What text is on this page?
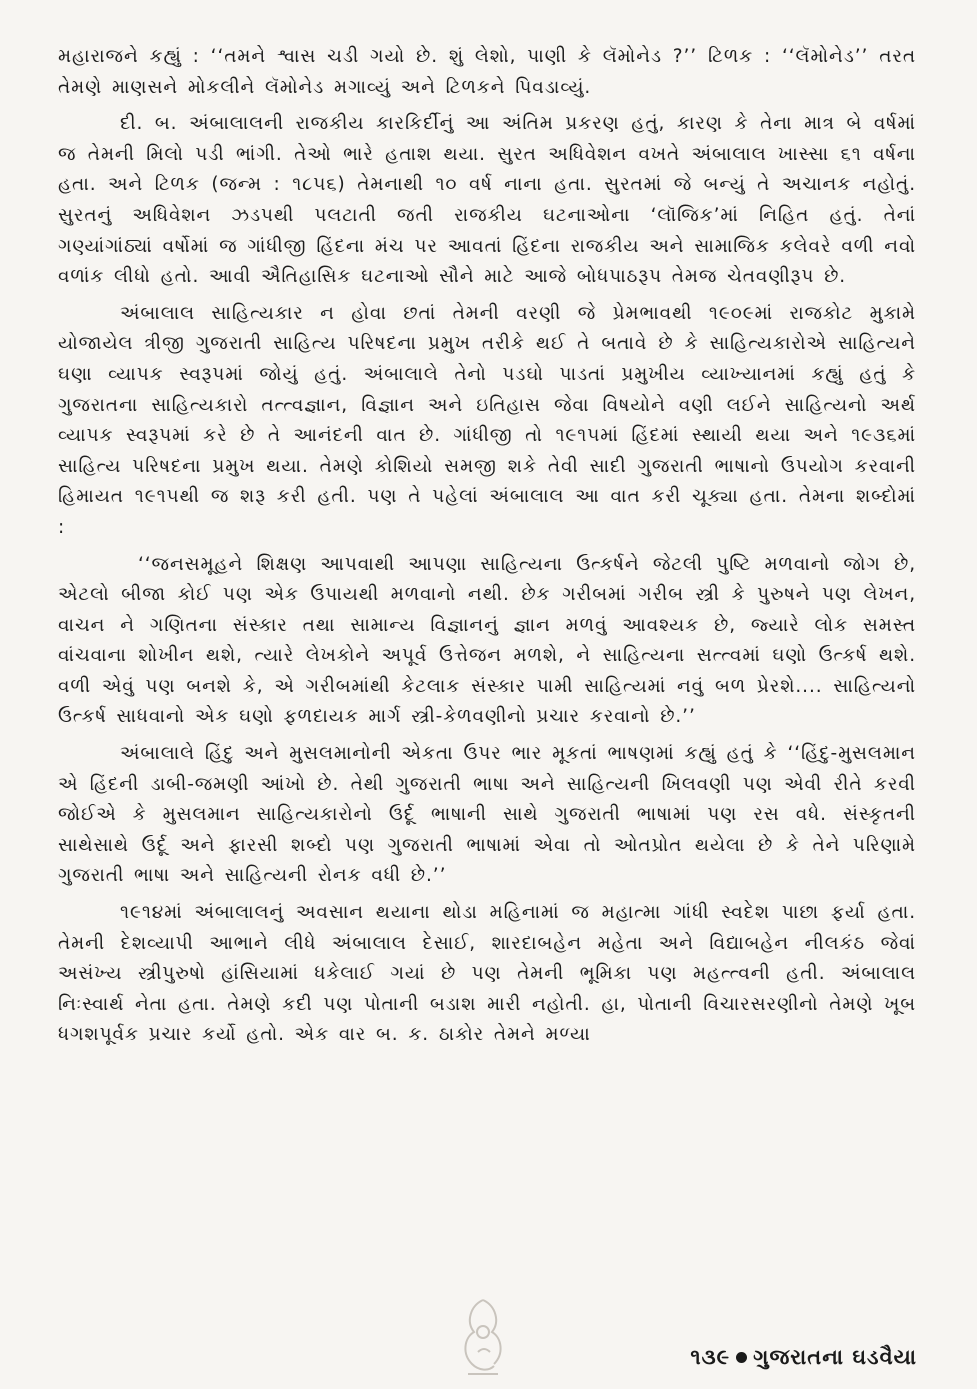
મહારાજને કહ્યું : ‘‘તમને શ્વાસ ચડી ગયો છે. શું લેશો, પાણી કે લૅમોનેડ ?’’ ટિળક : ‘‘લૅમોનેડ’’ તરત તેમણે માણસને મોકલીને લૅમોનેડ મગાવ્યું અને ટિળકને પિવડાવ્યું.

દી. બ. અંબાલાલની રાજકીય કારકિર્દીનું આ અંતિમ પ્રકરણ હતું, કારણ કે તેના માત્ર બે વર્ષમાં જ તેમની મિલો પડી ભાંગી. તેઓ ભારે હતાશ થયા. સુરત અધિવેશન વખતે અંબાલાલ ખાસ્સા ૬૧ વર્ષના હતા. અને ટિળક (જન્મ : ૧૮૫૬) તેમનાથી ૧૦ વર્ષ નાના હતા. સુરતમાં જે બન્યું તે અચાનક નહોતું. સુરતનું અધિવેશન ઝડપથી પલટાતી જતી રાજકીય ઘટનાઓના ‘લૉજિક’માં નિહિત હતું. તેનાં ગણ્યાંગાંઠ્યાં વર્ષોમાં જ ગાંધીજી હિંદના મંચ પર આવતાં હિંદના રાજકીય અને સામાજિક કલેવરે વળી નવો વળાંક લીધો હતો. આવી ઐતિહાસિક ઘટનાઓ સૌને માટે આજે બોધપાઠરૂપ તેમજ ચેતવણીરૂપ છે.

અંબાલાલ સાહિત્યકાર ન હોવા છતાં તેમની વરણી જે પ્રેમભાવથી ૧૯૦૯માં રાજકોટ મુકામે યોજાયેલ ત્રીજી ગુજરાતી સાહિત્ય પરિષદના પ્રમુખ તરીકે થઈ તે બતાવે છે કે સાહિત્યકારોએ સાહિત્યને ઘણા વ્યાપક સ્વરૂપમાં જોયું હતું. અંબાલાલે તેનો પડઘો પાડતાં પ્રમુખીય વ્યાખ્યાનમાં કહ્યું હતું કે ગુજરાતના સાહિત્યકારો તત્ત્વજ્ઞાન, વિજ્ઞાન અને ઇતિહાસ જેવા વિષયોને વણી લઈને સાહિત્યનો અર્થ વ્યાપક સ્વરૂપમાં કરે છે તે આનંદની વાત છે. ગાંધીજી તો ૧૯૧૫માં હિંદમાં સ્થાયી થયા અને ૧૯૩૬માં સાહિત્ય પરિષદના પ્રમુખ થયા. તેમણે કોશિયો સમજી શકે તેવી સાદી ગુજરાતી ભાષાનો ઉપયોગ કરવાની હિમાયત ૧૯૧૫થી જ શરૂ કરી હતી. પણ તે પહેલાં અંબાલાલ આ વાત કરી ચૂક્યા હતા. તેમના શબ્દોમાં :

‘‘જનસમૂહને શિક્ષણ આપવાથી આપણા સાહિત્યના ઉત્કર્ષને જેટલી પુષ્ટિ મળવાનો જોગ છે, એટલો બીજા કોઈ પણ એક ઉપાયથી મળવાનો નથી. છેક ગરીબમાં ગરીબ સ્ત્રી કે પુરુષને પણ લેખન, વાચન ને ગણિતના સંસ્કાર તથા સામાન્ય વિજ્ઞાનનું જ્ઞાન મળવું આવશ્યક છે, જ્યારે લોક સમસ્ત વાંચવાના શોખીન થશે, ત્યારે લેખકોને અપૂર્વ ઉત્તેજન મળશે, ને સાહિત્યના સત્ત્વમાં ઘણો ઉત્કર્ષ થશે. વળી એવું પણ બનશે કે, એ ગરીબમાંથી કેટલાક સંસ્કાર પામી સાહિત્યમાં નવું બળ પ્રેરશે.... સાહિત્યનો ઉત્કર્ષ સાધવાનો એક ઘણો ફળદાયક માર્ગ સ્ત્રી-કેળવણીનો પ્રચાર કરવાનો છે.’’

અંબાલાલે હિંદુ અને મુસલમાનોની એકતા ઉપર ભાર મૂકતાં ભાષણમાં કહ્યું હતું કે ‘‘હિંદુ-મુસલમાન એ હિંદની ડાબી-જમણી આંખો છે. તેથી ગુજરાતી ભાષા અને સાહિત્યની ખિલવણી પણ એવી રીતે કરવી જોઈએ કે મુસલમાન સાહિત્યકારોનો ઉર્દૂ ભાષાની સાથે ગુજરાતી ભાષામાં પણ રસ વધે. સંસ્કૃતની સાથેસાથે ઉર્દૂ અને ફારસી શબ્દો પણ ગુજરાતી ભાષામાં એવા તો ઓતપ્રોત થયેલા છે કે તેને પરિણામે ગુજરાતી ભાષા અને સાહિત્યની રોનક વધી છે.’’

૧૯૧૪માં અંબાલાલનું અવસાન થયાના થોડા મહિનામાં જ મહાત્મા ગાંધી સ્વદેશ પાછા ફર્યા હતા. તેમની દેશવ્યાપી આભાને લીધે અંબાલાલ દેસાઈ, શારદાબહેન મહેતા અને વિદ્યાબહેન નીલકંઠ જેવાં અસંખ્ય સ્ત્રીપુરુષો હાંસિયામાં ધકેલાઈ ગયાં છે પણ તેમની ભૂમિકા પણ મહત્ત્વની હતી. અંબાલાલ નિઃસ્વાર્થ નેતા હતા. તેમણે કદી પણ પોતાની બડાશ મારી નહોતી. હા, પોતાની વિચારસરણીનો તેમણે ખૂબ ધગશપૂર્વક પ્રચાર કર્યો હતો. એક વાર બ. ક. ઠાકોર તેમને મળ્યા

૧૩૯ ગુજરાતના ઘડવૈયા
